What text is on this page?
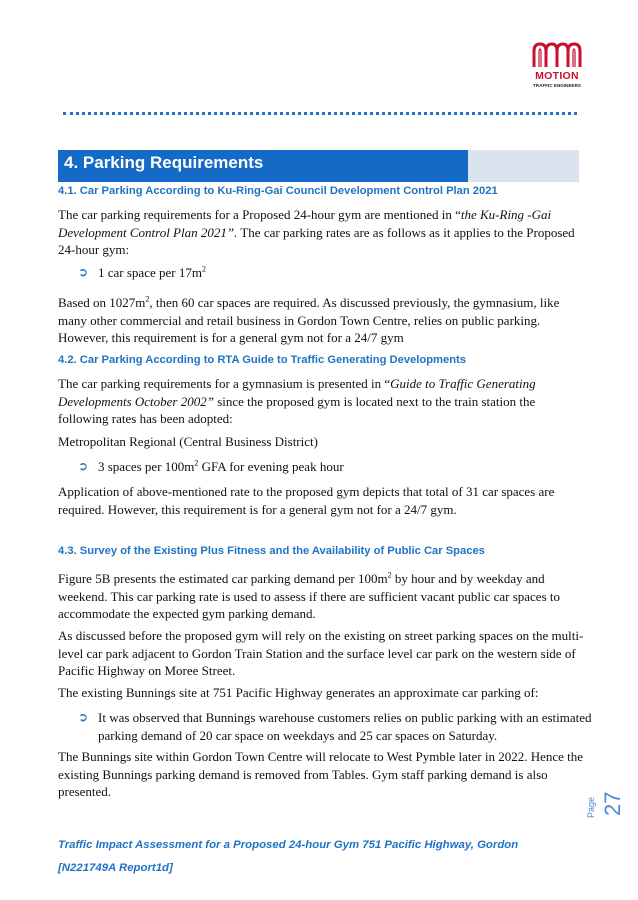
MOTION
TRAFFIC ENGINEERS
4. Parking Requirements
4.1. Car Parking According to Ku-Ring-Gai Council Development Control Plan 2021
The car parking requirements for a Proposed 24-hour gym are mentioned in “the Ku-Ring -Gai
Development Control Plan 2021”. The car parking rates are as follows as it applies to the Proposed
24-hour gym:
➲ 1 car space per $17m^2$
Based on $1027m^2$, then 60 car spaces are required. As discussed previously, the gymnasium, like
many other commercial and retail business in Gordon Town Centre, relies on public parking.
However, this requirement is for a general gym not for a 24/7 gym
4.2. Car Parking According to RTA Guide to Traffic Generating Developments
The car parking requirements for a gymnasium is presented in “Guide to Traffic Generating
Developments October 2002” since the proposed gym is located next to the train station the
following rates has been adopted:
Metropolitan Regional (Central Business District)
➲ 3 spaces per $100m^2$ GFA for evening peak hour
Application of above-mentioned rate to the proposed gym depicts that total of 31 car spaces are
required. However, this requirement is for a general gym not for a 24/7 gym.
4.3. Survey of the Existing Plus Fitness and the Availability of Public Car Spaces
Figure 5B presents the estimated car parking demand per $100m^2$ by hour and by weekday and
weekend. This car parking rate is used to assess if there are sufficient vacant public car spaces to
accommodate the expected gym parking demand.
As discussed before the proposed gym will rely on the existing on street parking spaces on the multi-
level car park adjacent to Gordon Train Station and the surface level car park on the western side of
Pacific Highway on Moree Street.
The existing Bunnings site at 751 Pacific Highway generates an approximate car parking of:
➲ It was observed that Bunnings warehouse customers relies on public parking with an estimated
parking demand of 20 car space on weekdays and 25 car spaces on Saturday.
The Bunnings site within Gordon Town Centre will relocate to West Pymble later in 2022. Hence the
existing Bunnings parking demand is removed from Tables. Gym staff parking demand is also
presented.
Page 27
Traffic Impact Assessment for a Proposed 24-hour Gym 751 Pacific Highway, Gordon
[N221749A Report1d]
